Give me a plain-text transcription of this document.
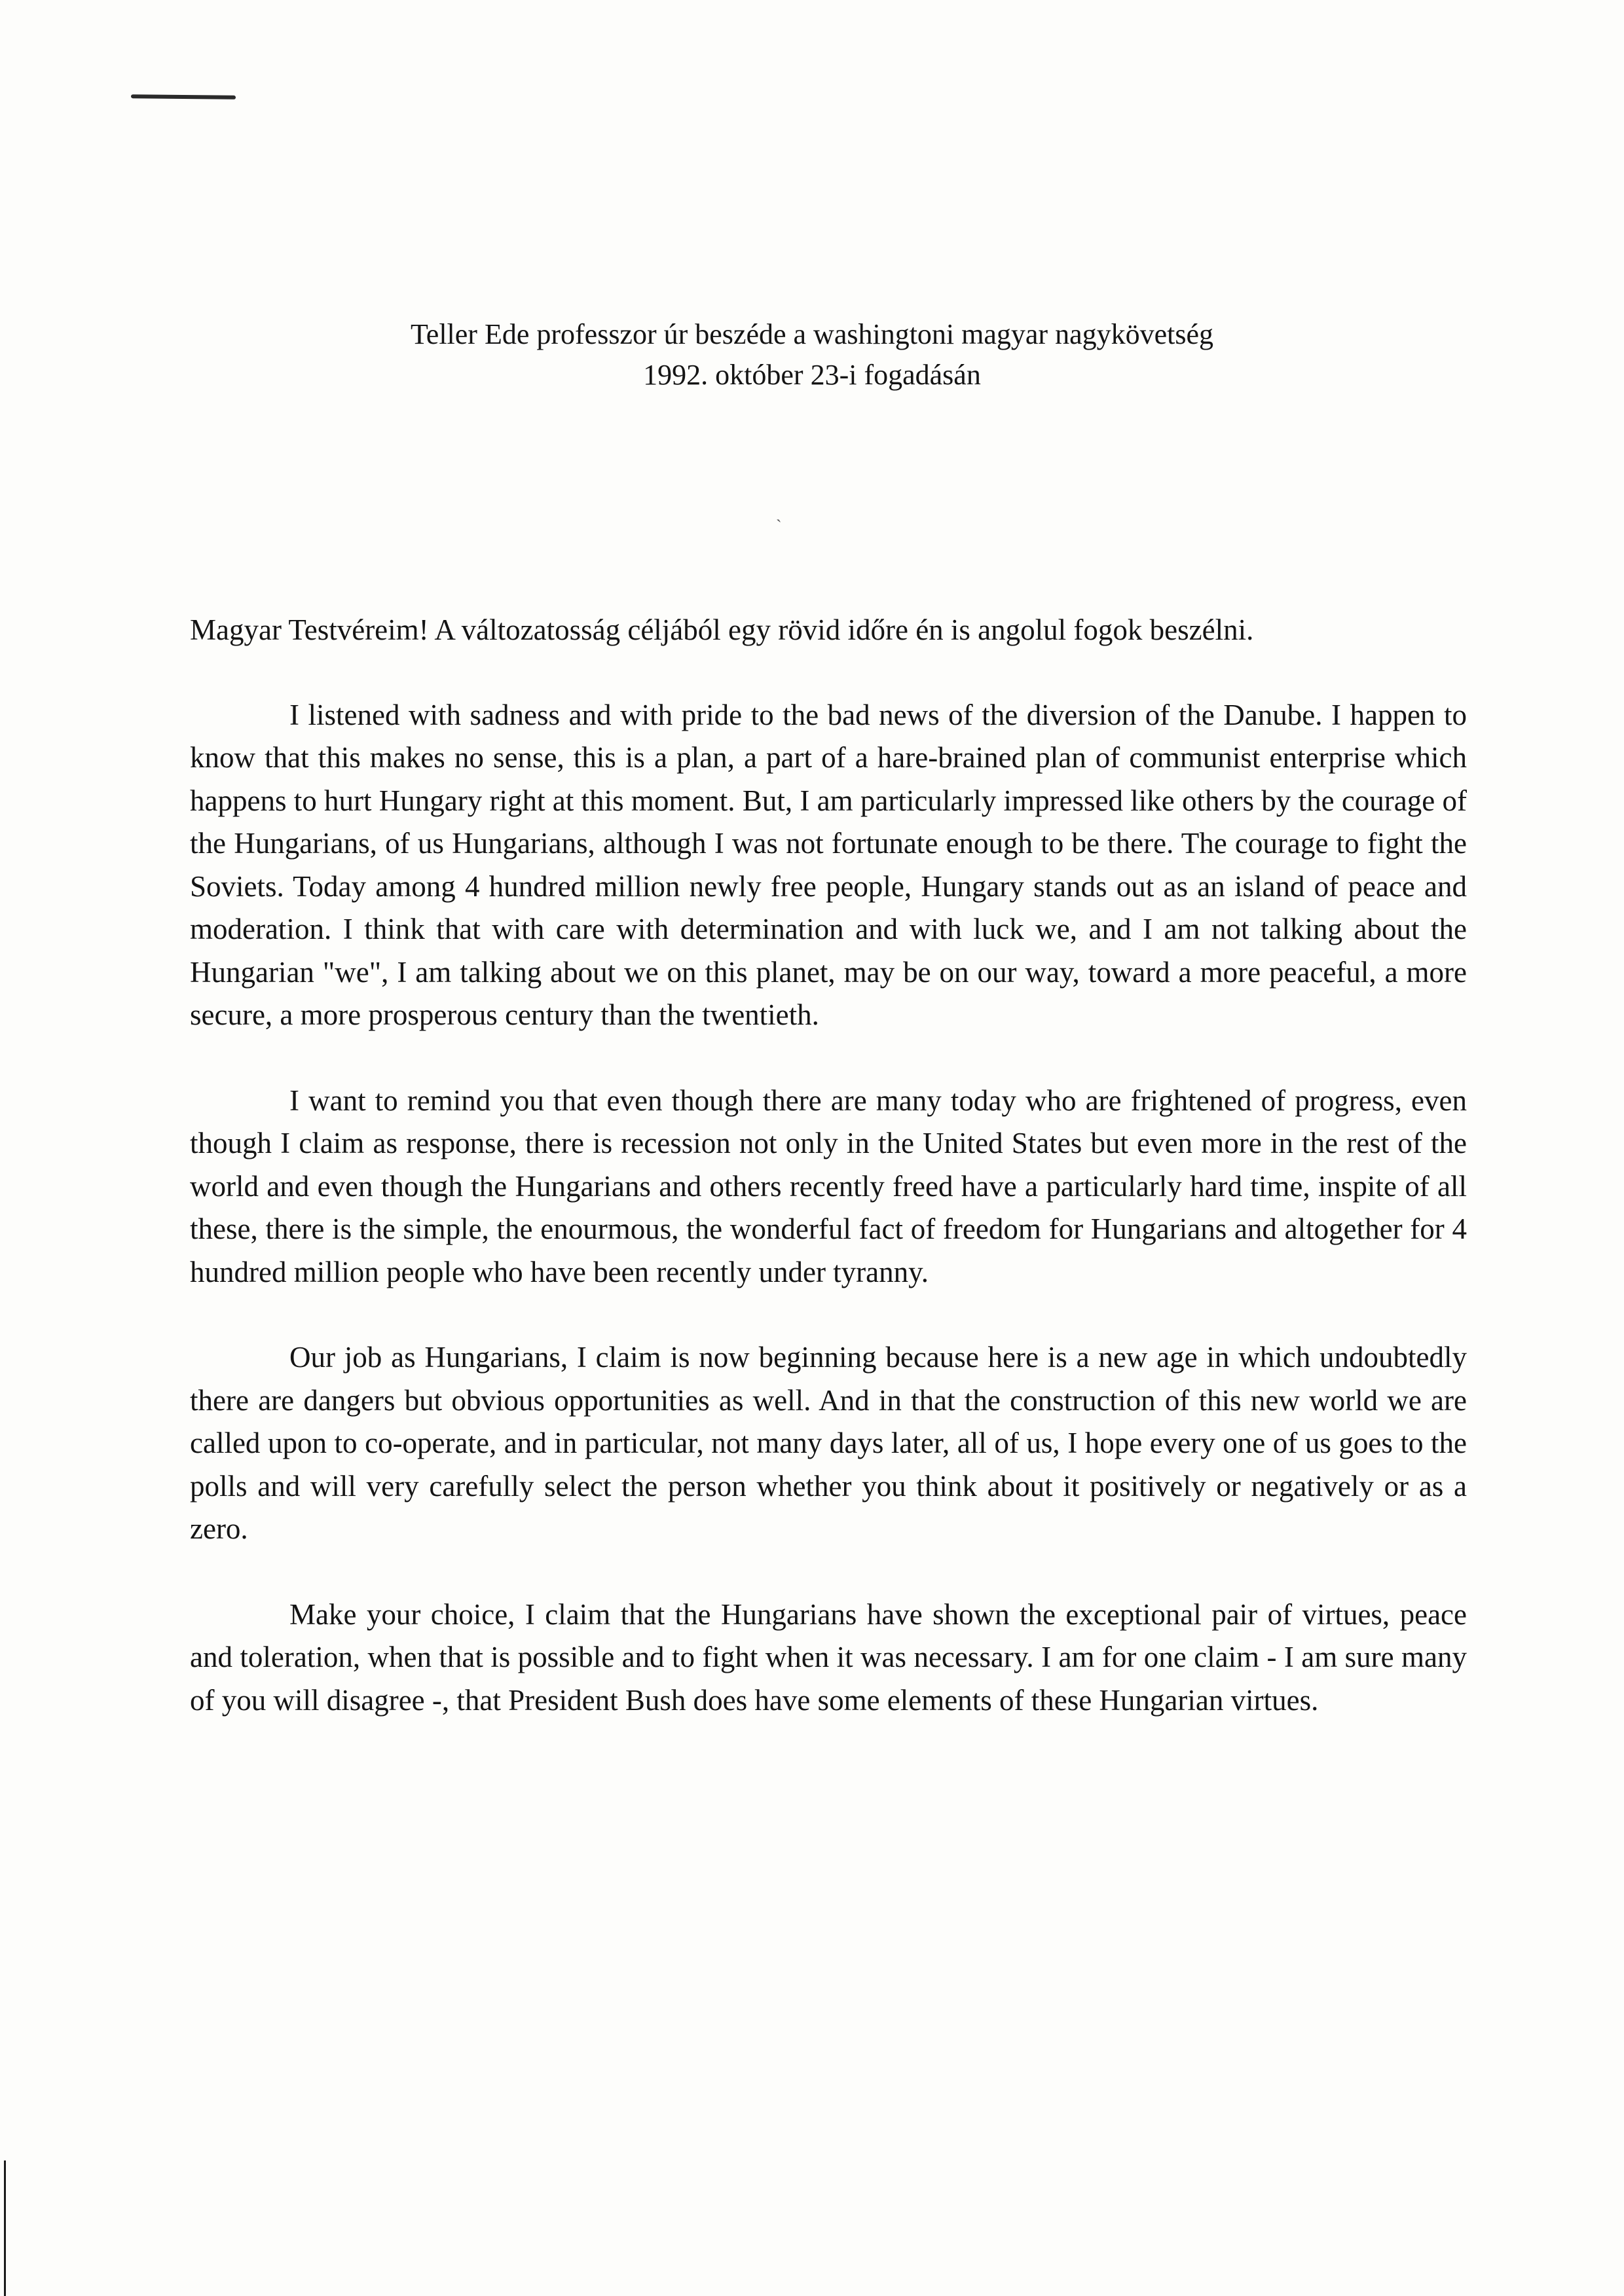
`
Teller Ede professzor úr beszéde a washingtoni magyar nagykövetség
1992. október 23-i fogadásán

Magyar Testvéreim! A változatosság céljából egy rövid időre én is angolul fogok beszélni.

I listened with sadness and with pride to the bad news of the diversion of the Danube. I happen to know that this makes no sense, this is a plan, a part of a hare-brained plan of communist enterprise which happens to hurt Hungary right at this moment. But, I am particularly impressed like others by the courage of the Hungarians, of us Hungarians, although I was not fortunate enough to be there. The courage to fight the Soviets. Today among 4 hundred million newly free people, Hungary stands out as an island of peace and moderation. I think that with care with determination and with luck we, and I am not talking about the Hungarian "we", I am talking about we on this planet, may be on our way, toward a more peaceful, a more secure, a more prosperous century than the twentieth.

I want to remind you that even though there are many today who are frightened of progress, even though I claim as response, there is recession not only in the United States but even more in the rest of the world and even though the Hungarians and others recently freed have a particularly hard time, inspite of all these, there is the simple, the enourmous, the wonderful fact of freedom for Hungarians and altogether for 4 hundred million people who have been recently under tyranny.

Our job as Hungarians, I claim is now beginning because here is a new age in which undoubtedly there are dangers but obvious opportunities as well. And in that the construction of this new world we are called upon to co-operate, and in particular, not many days later, all of us, I hope every one of us goes to the polls and will very carefully select the person whether you think about it positively or negatively or as a zero.

Make your choice, I claim that the Hungarians have shown the exceptional pair of virtues, peace and toleration, when that is possible and to fight when it was necessary. I am for one claim - I am sure many of you will disagree -, that President Bush does have some elements of these Hungarian virtues.
